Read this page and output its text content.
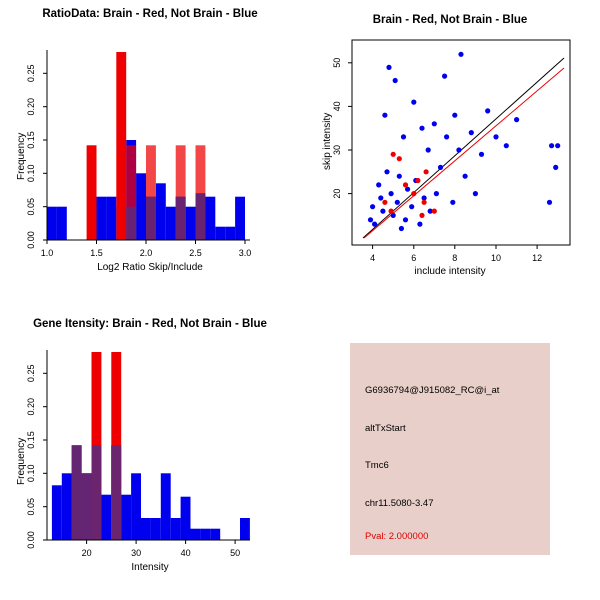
RatioData: Brain - Red, Not Brain - Blue
1.0	1.5	2.0	2.5	3.0
0.00
0.05
0.10
0.15
0.20
0.25
Log2 Ratio Skip/Include
Frequency
Brain - Red, Not Brain - Blue
4	6	8	10	12
20
30
40
50
include intensity
skip intensity
Gene Itensity: Brain - Red, Not Brain - Blue
20	30	40	50
0.00
0.05
0.10
0.15
0.20
0.25
Intensity
Frequency
G6936794@J915082_RC@i_at
altTxStart
Tmc6
chr11.5080-3.47
Pval: 2.000000
